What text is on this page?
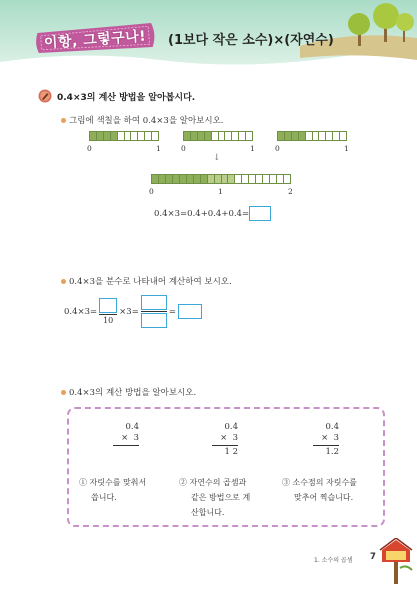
이항, 그렇구나!	(1보다 작은 소수)×(자연수)
0.4×3의 계산 방법을 알아봅시다.
그림에 색칠을 하여 0.4×3을 알아보시오.
0	1	0	1	0	1
↓
0	1	2
0.4×3=0.4+0.4+0.4=
0.4×3을 분수로 나타내어 계산하여 보시오.
0.4×3=
10
×3=	=
0.4×3의 계산 방법을 알아보시오.
0.4
×  3
0.4
×  3
1 2
0.4
×  3
1.2
① 자릿수를 맞춰서
씁니다.
② 자연수의 곱셈과
같은 방법으로 계
산합니다.
③ 소수점의 자릿수를
맞추어 찍습니다.
1. 소수의 곱셈 7
